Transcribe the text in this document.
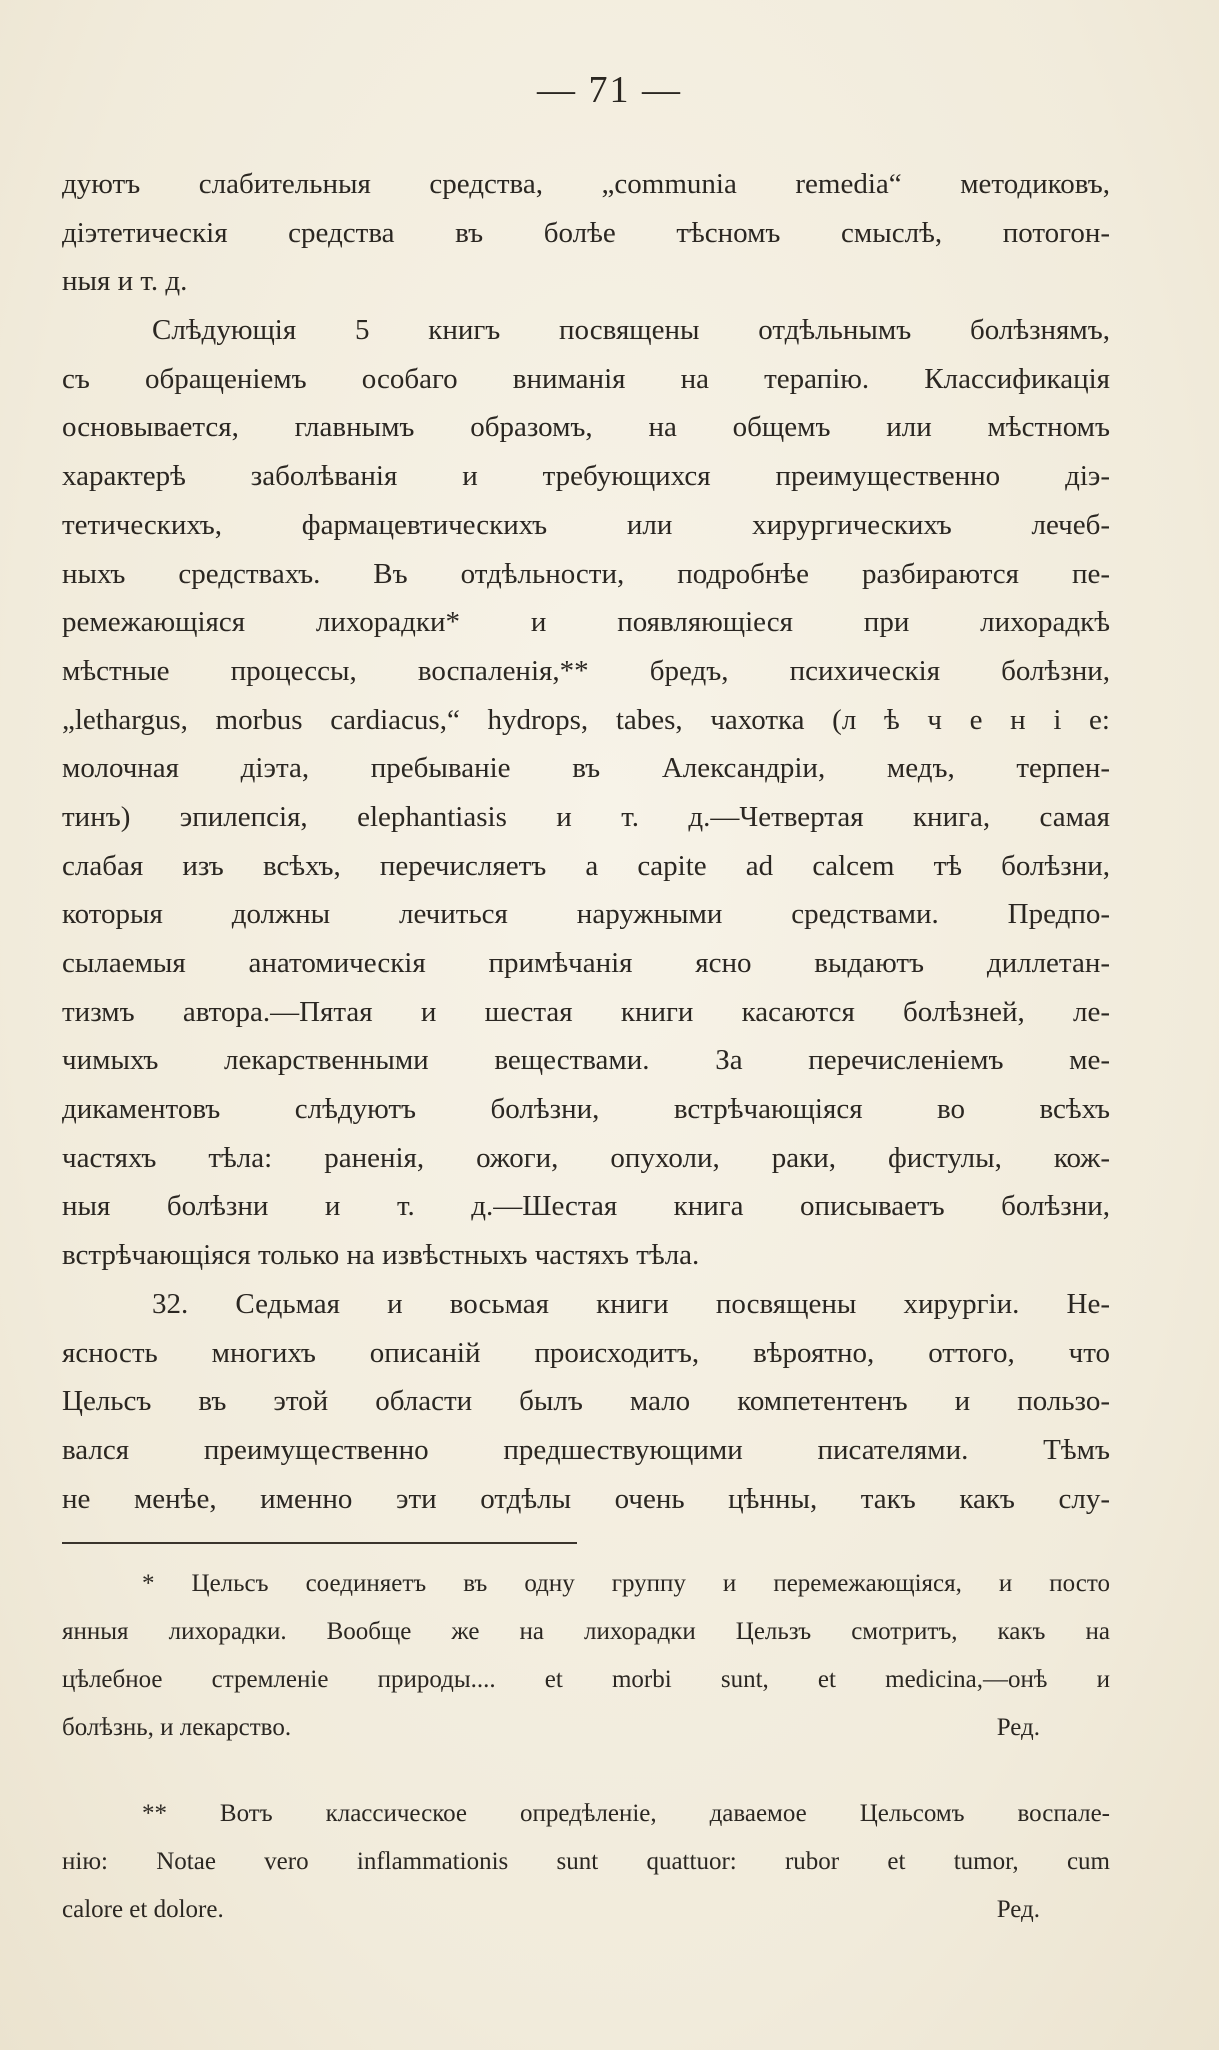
— 71 —
дуютъ слабительныя средства, „communia remedia“ методиковъ,
діэтетическія средства въ болѣе тѣсномъ смыслѣ, потогон-
ныя и т. д.
Слѣдующія 5 книгъ посвящены отдѣльнымъ болѣзнямъ,
съ обращеніемъ особаго вниманія на терапію. Классификація
основывается, главнымъ образомъ, на общемъ или мѣстномъ
характерѣ заболѣванія и требующихся преимущественно діэ-
тетическихъ, фармацевтическихъ или хирургическихъ лечеб-
ныхъ средствахъ. Въ отдѣльности, подробнѣе разбираются пе-
ремежающіяся лихорадки* и появляющіеся при лихорадкѣ
мѣстные процессы, воспаленія,** бредъ, психическія болѣзни,
„lethargus, morbus cardiacus,“ hydrops, tabes, чахотка (л ѣ ч е н і е:
молочная діэта, пребываніе въ Александріи, медъ, терпен-
тинъ) эпилепсія, elephantiasis и т. д.—Четвертая книга, самая
слабая изъ всѣхъ, перечисляетъ a capite ad calcem тѣ болѣзни,
которыя должны лечиться наружными средствами. Предпо-
сылаемыя анатомическія примѣчанія ясно выдаютъ диллетан-
тизмъ автора.—Пятая и шестая книги касаются болѣзней, ле-
чимыхъ лекарственными веществами. За перечисленіемъ ме-
дикаментовъ слѣдуютъ болѣзни, встрѣчающіяся во всѣхъ
частяхъ тѣла: раненія, ожоги, опухоли, раки, фистулы, кож-
ныя болѣзни и т. д.—Шестая книга описываетъ болѣзни,
встрѣчающіяся только на извѣстныхъ частяхъ тѣла.
32. Седьмая и восьмая книги посвящены хирургіи. Не-
ясность многихъ описаній происходитъ, вѣроятно, оттого, что
Цельсъ въ этой области былъ мало компетентенъ и пользо-
вался преимущественно предшествующими писателями. Тѣмъ
не менѣе, именно эти отдѣлы очень цѣнны, такъ какъ слу-
* Цельсъ соединяетъ въ одну группу и перемежающіяся, и посто
янныя лихорадки. Вообще же на лихорадки Цельзъ смотритъ, какъ на
цѣлебное стремленіе природы.... et morbi sunt, et medicina,—онѣ и
болѣзнь, и лекарство.	Ред.
** Вотъ классическое опредѣленіе, даваемое Цельсомъ воспале-
нію: Notae vero inflammationis sunt quattuor: rubor et tumor, cum
calore et dolore.	Ред.
